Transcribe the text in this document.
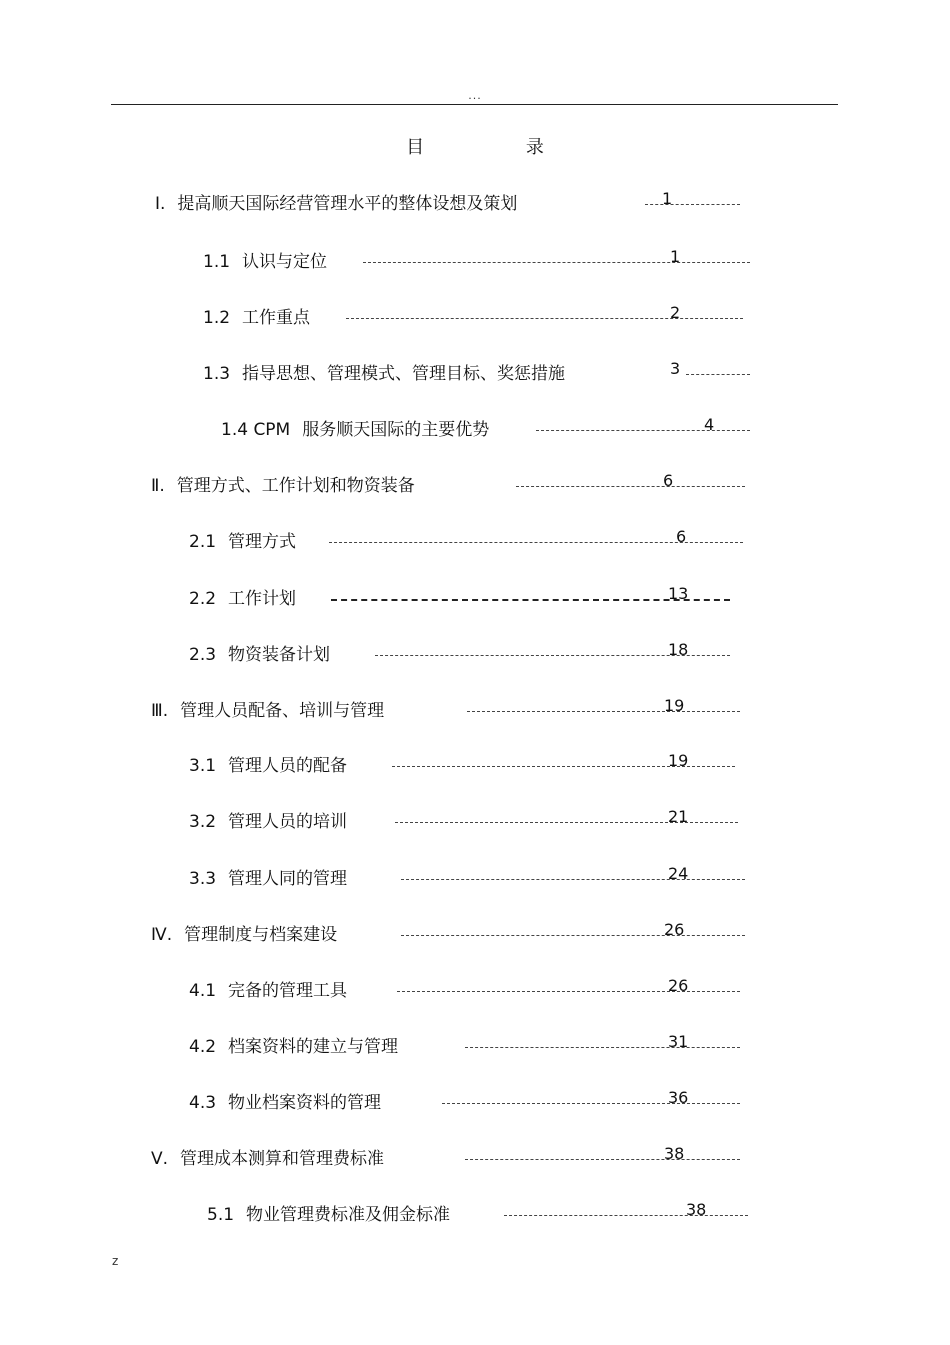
...
目 录
Ⅰ. 提高顺天国际经营管理水平的整体设想及策划	1
1.1 认识与定位	1
1.2 工作重点	2
1.3 指导思想、管理模式、管理目标、奖惩措施	3
1.4 CPM 服务顺天国际的主要优势	4
Ⅱ. 管理方式、工作计划和物资装备	6
2.1 管理方式	6
2.2 工作计划	13
2.3 物资装备计划	18
Ⅲ. 管理人员配备、培训与管理	19
3.1 管理人员的配备	19
3.2 管理人员的培训	21
3.3 管理人同的管理	24
Ⅳ. 管理制度与档案建设	26
4.1 完备的管理工具	26
4.2 档案资料的建立与管理	31
4.3 物业档案资料的管理	36
Ⅴ. 管理成本测算和管理费标准	38
5.1 物业管理费标准及佣金标准	38
z
